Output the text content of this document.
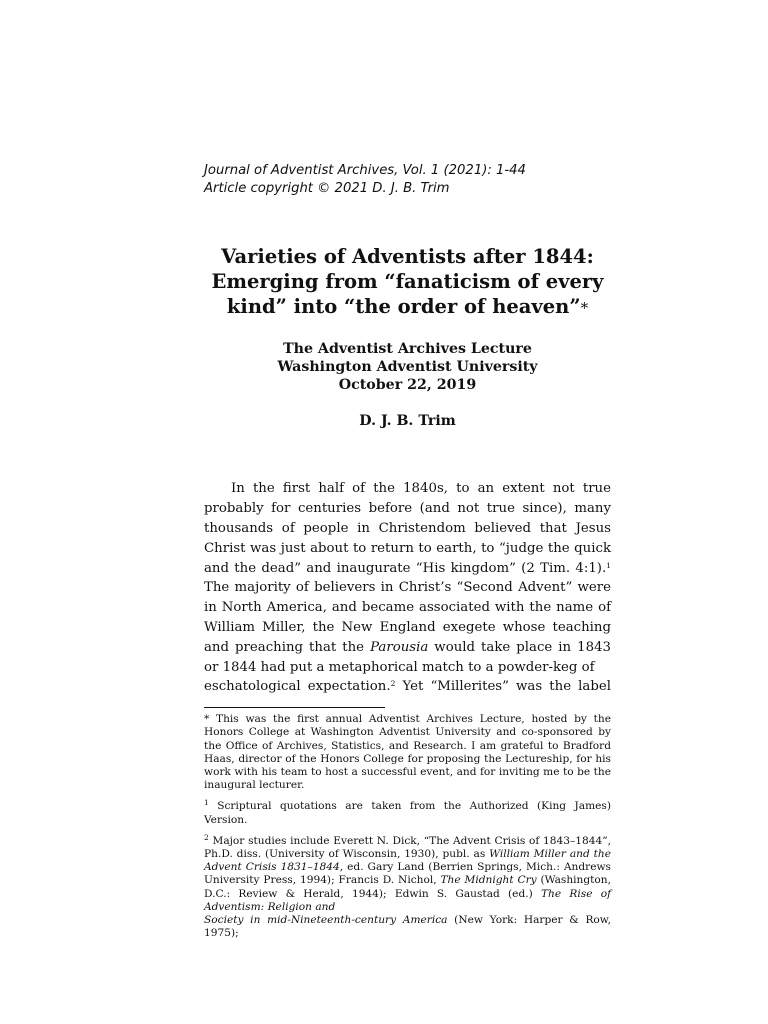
Journal of Adventist Archives, Vol. 1 (2021): 1-44

Article copyright © 2021 D. J. B. Trim

Varieties of Adventists after 1844:
Emerging from “fanaticism of every
kind” into “the order of heaven”*
The Adventist Archives Lecture
Washington Adventist University
October 22, 2019
D. J. B. Trim

In the first half of the 1840s, to an extent not true probably for centuries before (and not true since), many thousands of people in Christendom believed that Jesus Christ was just about to return to earth, to “judge the quick and the dead” and inaugurate “His kingdom” (2 Tim. 4:1).$^1$ The majority of believers in Christ’s “Second Advent” were in North America, and became associated with the name of William Miller, the New England exegete whose teaching and preaching that the Parousia would take place in 1843 or 1844 had put a metaphorical match to a powder-keg of
eschatological expectation.$^2$ Yet “Millerites” was the label

* This was the first annual Adventist Archives Lecture, hosted by the Honors College at Washington Adventist University and co-sponsored by the Office of Archives, Statistics, and Research. I am grateful to Bradford Haas, director of the Honors College for proposing the Lectureship, for his work with his team to host a successful event, and for inviting me to be the inaugural lecturer.

$^1$ Scriptural quotations are taken from the Authorized (King James) Version.

$^2$ Major studies include Everett N. Dick, “The Advent Crisis of 1843–1844”, Ph.D. diss. (University of Wisconsin, 1930), publ. as William Miller and the Advent Crisis 1831–1844, ed. Gary Land (Berrien Springs, Mich.: Andrews University Press, 1994); Francis D. Nichol, The Midnight Cry (Washington, D.C.: Review & Herald, 1944); Edwin S. Gaustad (ed.) The Rise of Adventism: Religion and
Society in mid-Nineteenth-century America (New York: Harper & Row, 1975);
